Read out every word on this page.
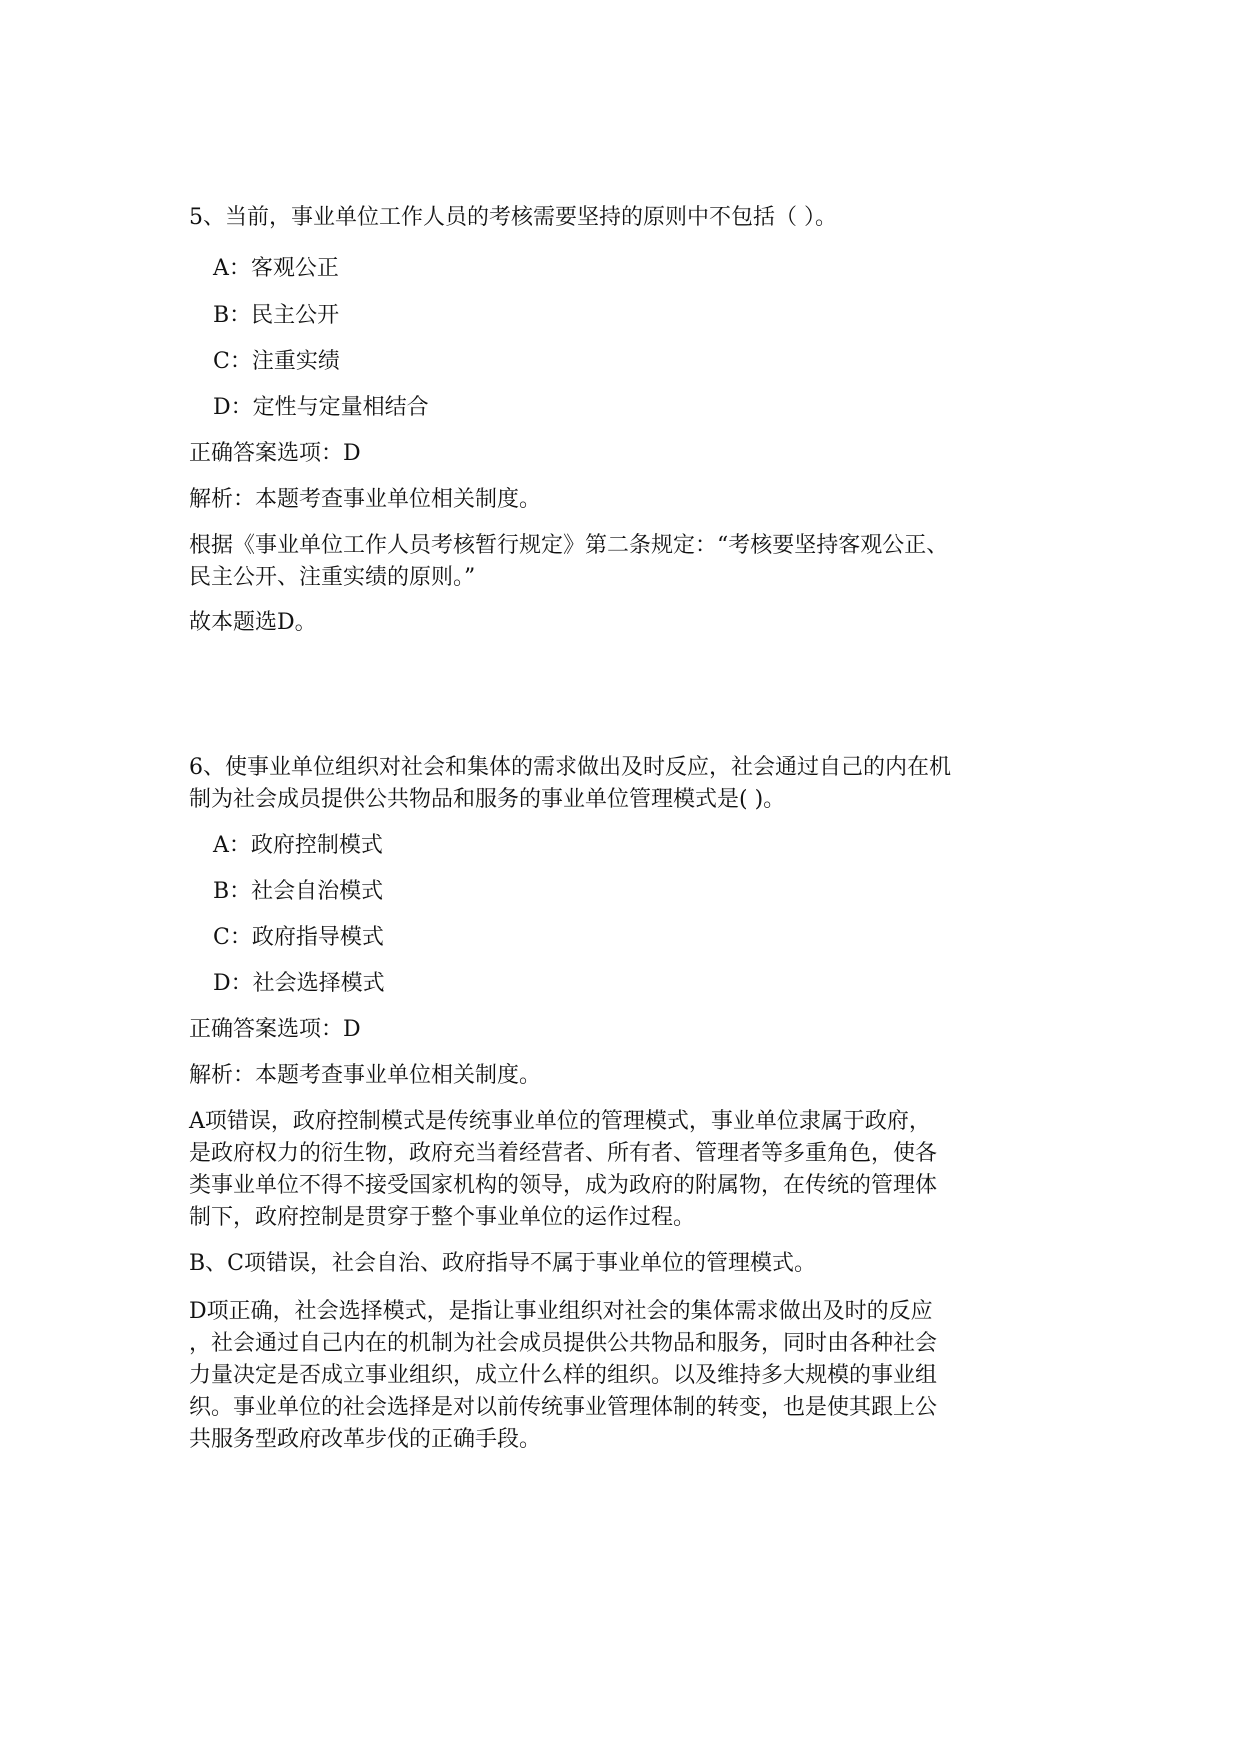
5、当前，事业单位工作人员的考核需要坚持的原则中不包括（ ）。
A：客观公正
B：民主公开
C：注重实绩
D：定性与定量相结合
正确答案选项：D
解析：本题考查事业单位相关制度。
根据《事业单位工作人员考核暂行规定》第二条规定：“考核要坚持客观公正、
民主公开、注重实绩的原则。”
故本题选D。
6、使事业单位组织对社会和集体的需求做出及时反应，社会通过自己的内在机
制为社会成员提供公共物品和服务的事业单位管理模式是( )。
A：政府控制模式
B：社会自治模式
C：政府指导模式
D：社会选择模式
正确答案选项：D
解析：本题考查事业单位相关制度。
A项错误，政府控制模式是传统事业单位的管理模式，事业单位隶属于政府，
是政府权力的衍生物，政府充当着经营者、所有者、管理者等多重角色，使各
类事业单位不得不接受国家机构的领导，成为政府的附属物，在传统的管理体
制下，政府控制是贯穿于整个事业单位的运作过程。
B、C项错误，社会自治、政府指导不属于事业单位的管理模式。
D项正确，社会选择模式，是指让事业组织对社会的集体需求做出及时的反应
，社会通过自己内在的机制为社会成员提供公共物品和服务，同时由各种社会
力量决定是否成立事业组织，成立什么样的组织。以及维持多大规模的事业组
织。事业单位的社会选择是对以前传统事业管理体制的转变，也是使其跟上公
共服务型政府改革步伐的正确手段。
